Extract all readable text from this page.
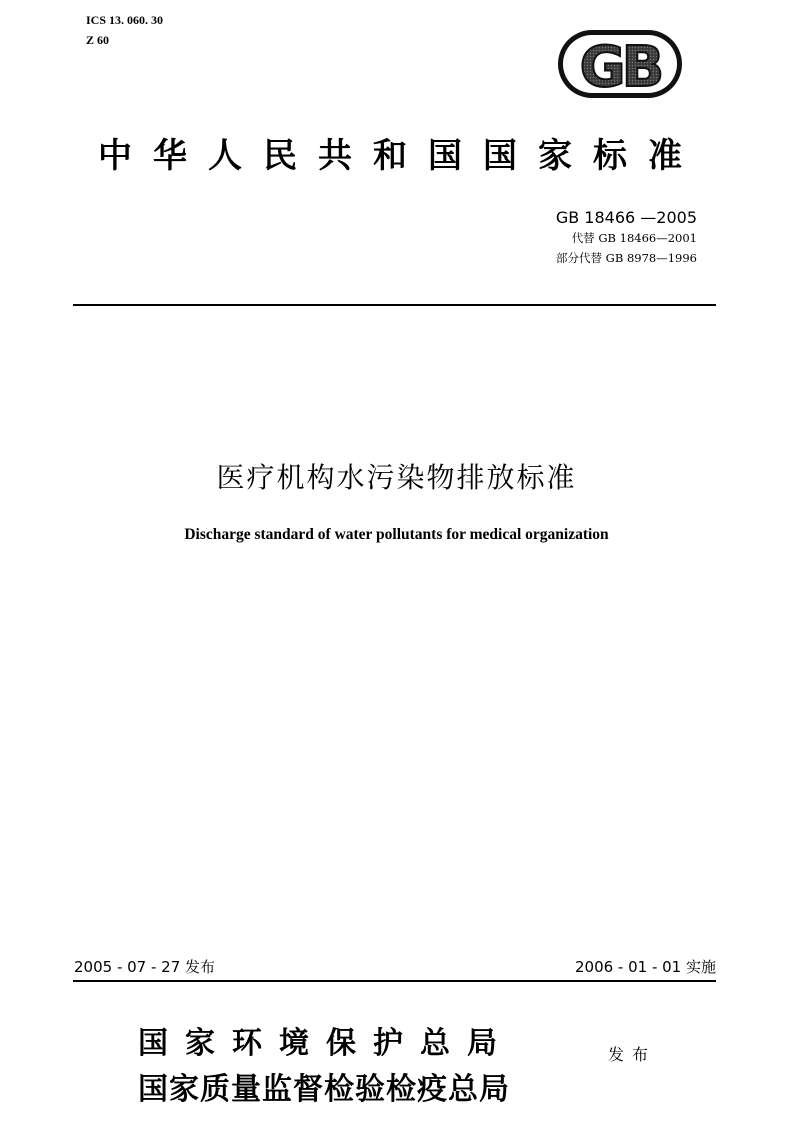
ICS 13. 060. 30
Z 60	GB
中华人民共和国国家标准
GB 18466 —2005
代替 GB 18466—2001
部分代替 GB 8978—1996
医疗机构水污染物排放标准
Discharge standard of water pollutants for medical organization
2005 - 07 - 27 发布	2006 - 01 - 01 实施
国家环境保护总局
国家质量监督检验检疫总局
发布
